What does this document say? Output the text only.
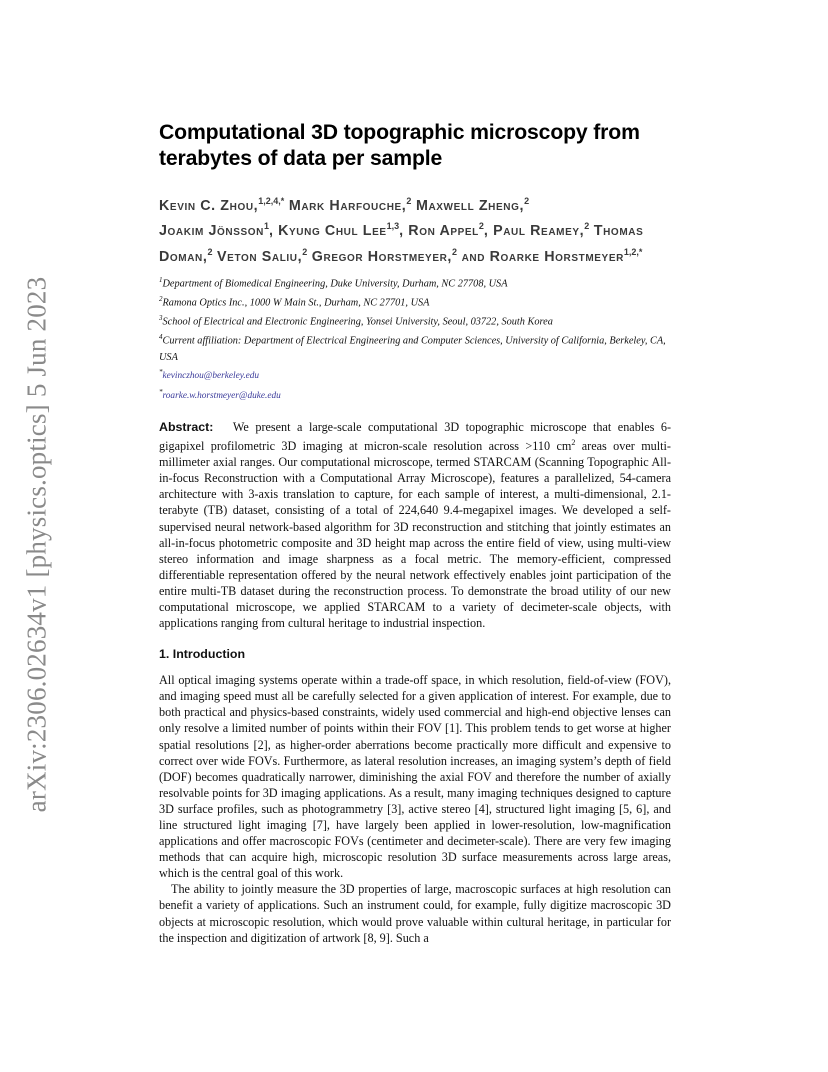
arXiv:2306.02634v1 [physics.optics] 5 Jun 2023
Computational 3D topographic microscopy from terabytes of data per sample
Kevin C. Zhou,$^{1,2,4,*}$ Mark Harfouche,$^2$ Maxwell Zheng,$^2$
Joakim Jönsson$^1$, Kyung Chul Lee$^{1,3}$, Ron Appel$^2$, Paul Reamey,$^2$ Thomas Doman,$^2$ Veton Saliu,$^2$ Gregor Horstmeyer,$^2$ and Roarke Horstmeyer$^{1,2,*}$
$^1$Department of Biomedical Engineering, Duke University, Durham, NC 27708, USA
$^2$Ramona Optics Inc., 1000 W Main St., Durham, NC 27701, USA
$^3$School of Electrical and Electronic Engineering, Yonsei University, Seoul, 03722, South Korea
$^4$Current affiliation: Department of Electrical Engineering and Computer Sciences, University of California, Berkeley, CA, USA
*kevinczhou@berkeley.edu
*roarke.w.horstmeyer@duke.edu

Abstract: We present a large-scale computational 3D topographic microscope that enables 6-gigapixel profilometric 3D imaging at micron-scale resolution across >110 $cm^2$ areas over multi-millimeter axial ranges. Our computational microscope, termed STARCAM (Scanning Topographic All-in-focus Reconstruction with a Computational Array Microscope), features a parallelized, 54-camera architecture with 3-axis translation to capture, for each sample of interest, a multi-dimensional, 2.1-terabyte (TB) dataset, consisting of a total of 224,640 9.4-megapixel images. We developed a self-supervised neural network-based algorithm for 3D reconstruction and stitching that jointly estimates an all-in-focus photometric composite and 3D height map across the entire field of view, using multi-view stereo information and image sharpness as a focal metric. The memory-efficient, compressed differentiable representation offered by the neural network effectively enables joint participation of the entire multi-TB dataset during the reconstruction process. To demonstrate the broad utility of our new computational microscope, we applied STARCAM to a variety of decimeter-scale objects, with applications ranging from cultural heritage to industrial inspection.

1. Introduction

All optical imaging systems operate within a trade-off space, in which resolution, field-of-view (FOV), and imaging speed must all be carefully selected for a given application of interest. For example, due to both practical and physics-based constraints, widely used commercial and high-end objective lenses can only resolve a limited number of points within their FOV [1]. This problem tends to get worse at higher spatial resolutions [2], as higher-order aberrations become practically more difficult and expensive to correct over wide FOVs. Furthermore, as lateral resolution increases, an imaging system’s depth of field (DOF) becomes quadratically narrower, diminishing the axial FOV and therefore the number of axially resolvable points for 3D imaging applications. As a result, many imaging techniques designed to capture 3D surface profiles, such as photogrammetry [3], active stereo [4], structured light imaging [5, 6], and line structured light imaging [7], have largely been applied in lower-resolution, low-magnification applications and offer macroscopic FOVs (centimeter and decimeter-scale). There are very few imaging methods that can acquire high, microscopic resolution 3D surface measurements across large areas, which is the central goal of this work.

The ability to jointly measure the 3D properties of large, macroscopic surfaces at high resolution can benefit a variety of applications. Such an instrument could, for example, fully digitize macroscopic 3D objects at microscopic resolution, which would prove valuable within cultural heritage, in particular for the inspection and digitization of artwork [8, 9]. Such a
